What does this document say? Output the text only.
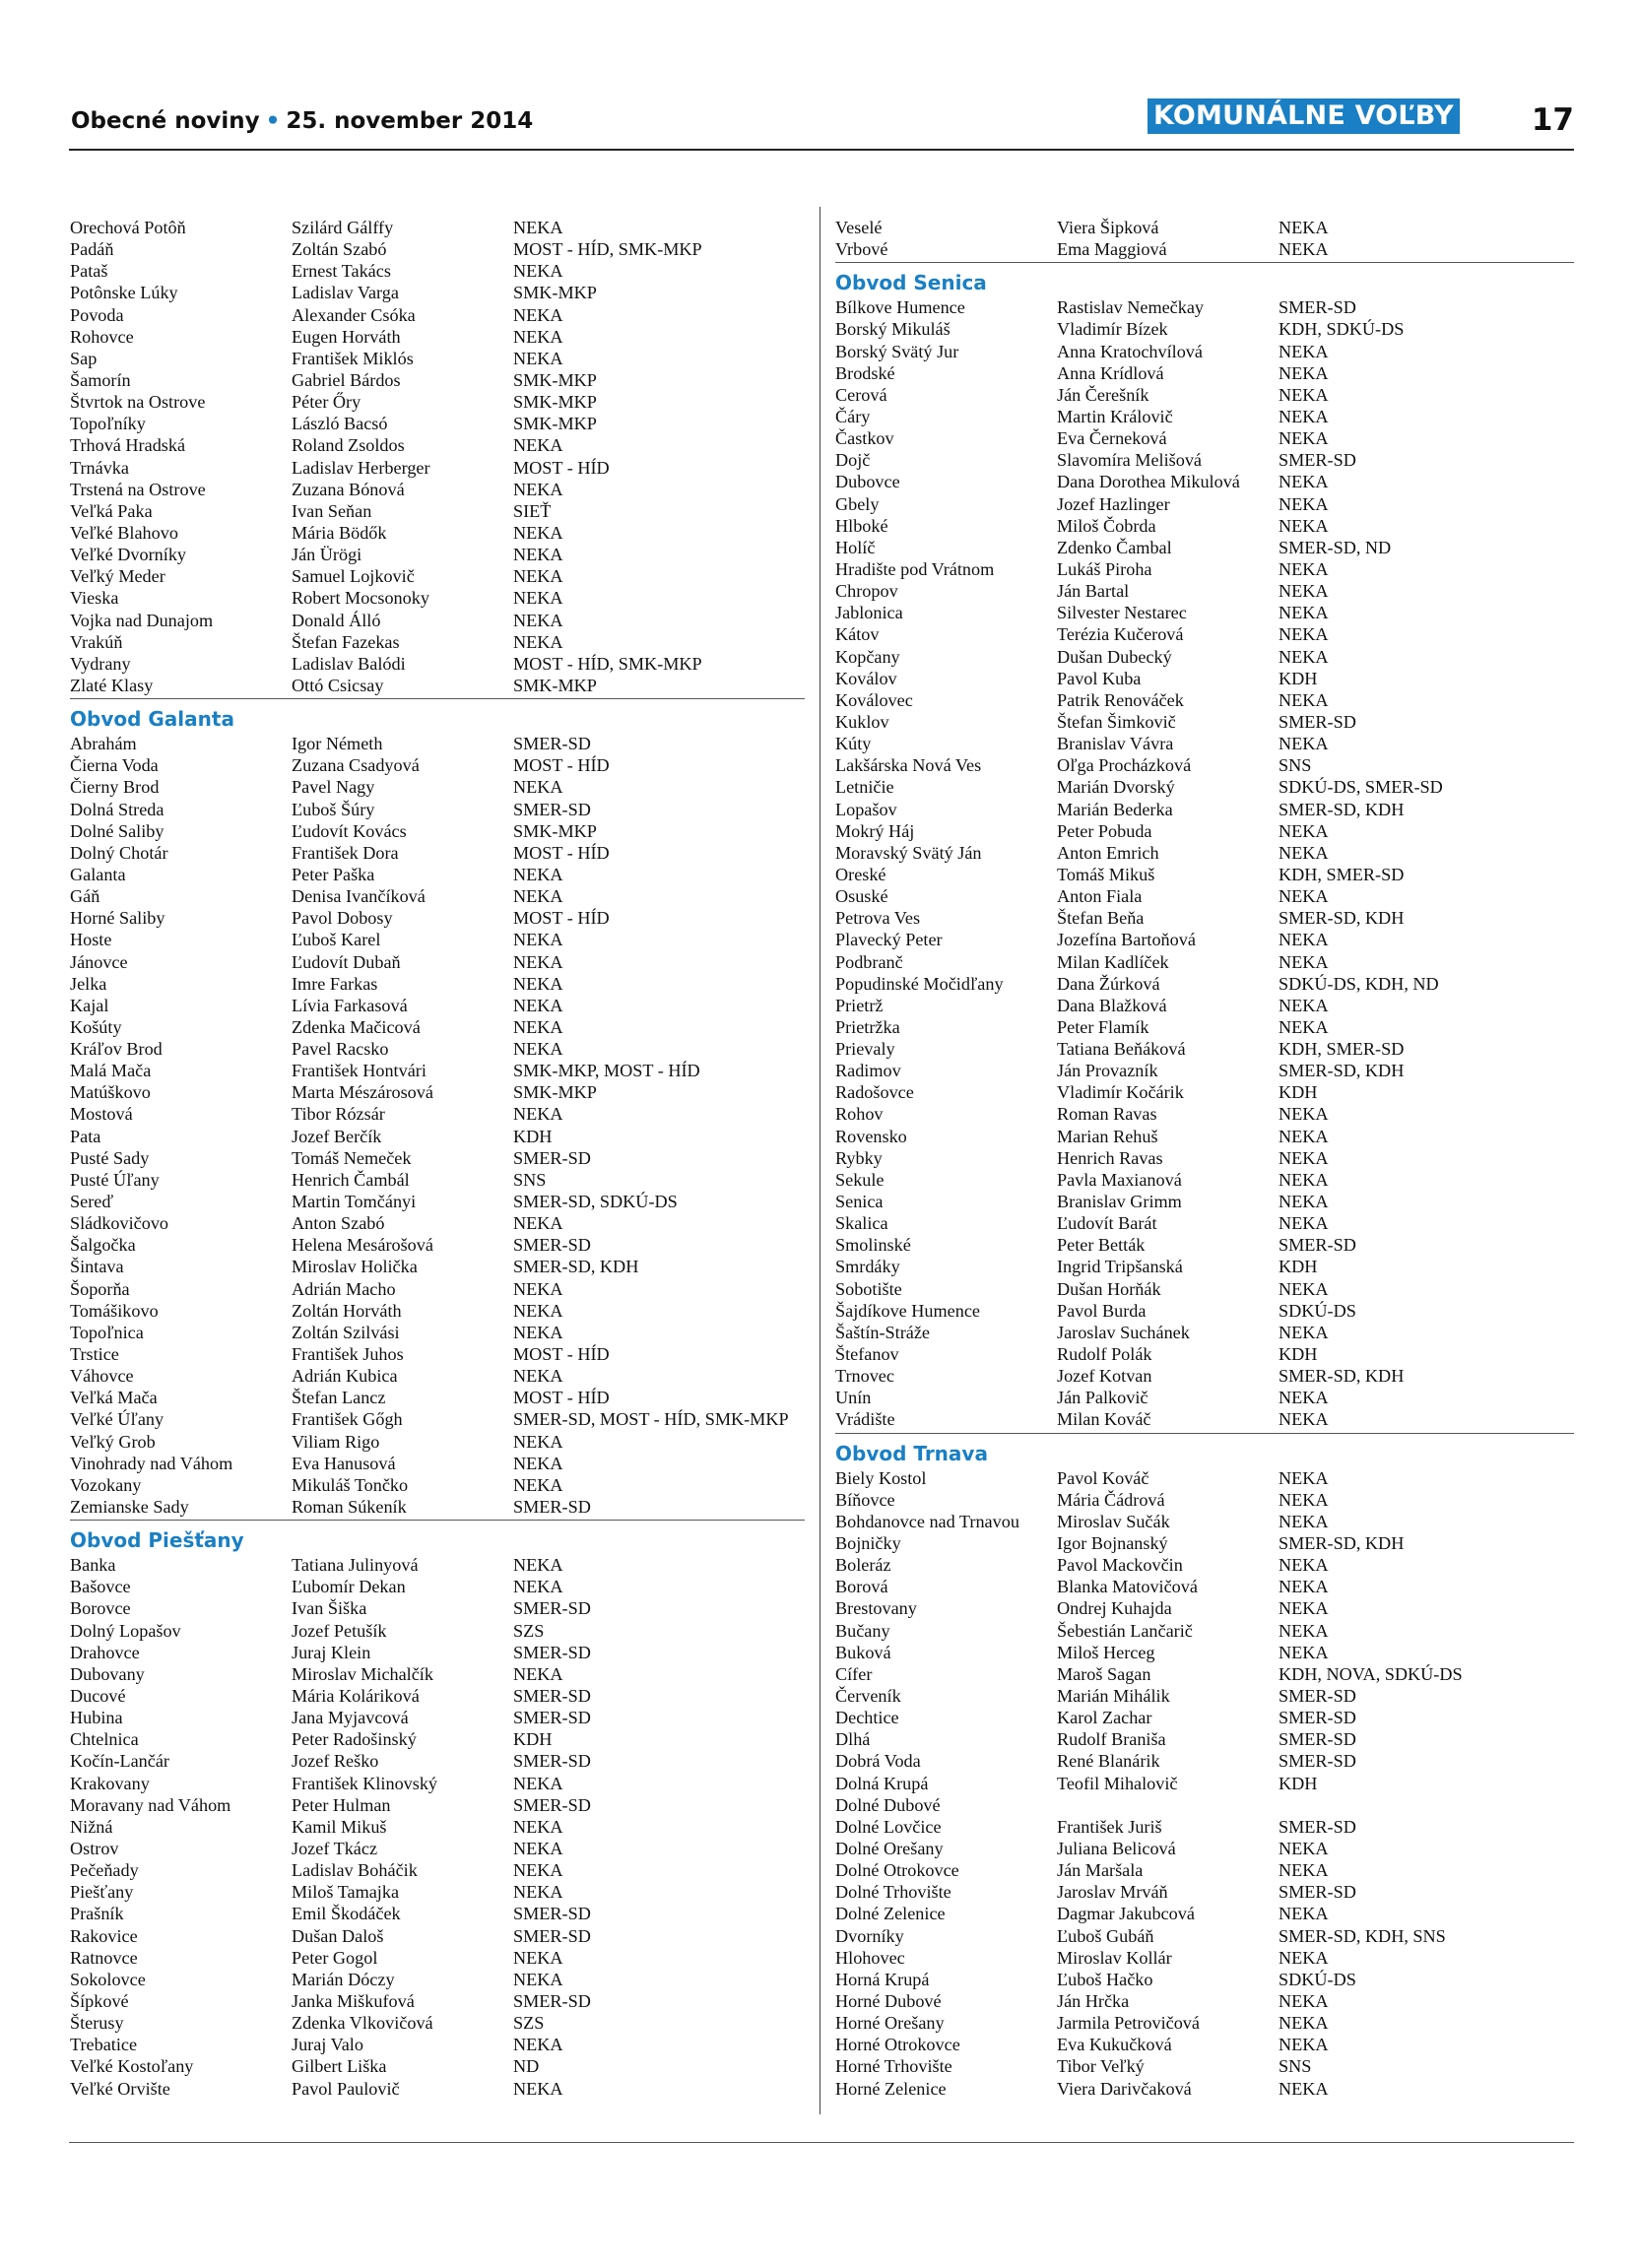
Obecné noviny • 25. november 2014	KOMUNÁLNE VOĽBY	17
Orechová Potôň	Szilárd Gálffy	NEKA
Padáň	Zoltán Szabó	MOST - HÍD, SMK-MKP
Pataš	Ernest Takács	NEKA
Potônske Lúky	Ladislav Varga	SMK-MKP
Povoda	Alexander Csóka	NEKA
Rohovce	Eugen Horváth	NEKA
Sap	František Miklós	NEKA
Šamorín	Gabriel Bárdos	SMK-MKP
Štvrtok na Ostrove	Péter Őry	SMK-MKP
Topoľníky	László Bacsó	SMK-MKP
Trhová Hradská	Roland Zsoldos	NEKA
Trnávka	Ladislav Herberger	MOST - HÍD
Trstená na Ostrove	Zuzana Bónová	NEKA
Veľká Paka	Ivan Seňan	SIEŤ
Veľké Blahovo	Mária Bödők	NEKA
Veľké Dvorníky	Ján Ürögi	NEKA
Veľký Meder	Samuel Lojkovič	NEKA
Vieska	Robert Mocsonoky	NEKA
Vojka nad Dunajom	Donald Álló	NEKA
Vrakúň	Štefan Fazekas	NEKA
Vydrany	Ladislav Balódi	MOST - HÍD, SMK-MKP
Zlaté Klasy	Ottó Csicsay	SMK-MKP
Obvod Galanta
Abrahám	Igor Németh	SMER-SD
Čierna Voda	Zuzana Csadyová	MOST - HÍD
Čierny Brod	Pavel Nagy	NEKA
Dolná Streda	Ľuboš Šúry	SMER-SD
Dolné Saliby	Ľudovít Kovács	SMK-MKP
Dolný Chotár	František Dora	MOST - HÍD
Galanta	Peter Paška	NEKA
Gáň	Denisa Ivančíková	NEKA
Horné Saliby	Pavol Dobosy	MOST - HÍD
Hoste	Ľuboš Karel	NEKA
Jánovce	Ľudovít Dubaň	NEKA
Jelka	Imre Farkas	NEKA
Kajal	Lívia Farkasová	NEKA
Košúty	Zdenka Mačicová	NEKA
Kráľov Brod	Pavel Racsko	NEKA
Malá Mača	František Hontvári	SMK-MKP, MOST - HÍD
Matúškovo	Marta Mészárosová	SMK-MKP
Mostová	Tibor Rózsár	NEKA
Pata	Jozef Berčík	KDH
Pusté Sady	Tomáš Nemeček	SMER-SD
Pusté Úľany	Henrich Čambál	SNS
Sereď	Martin Tomčányi	SMER-SD, SDKÚ-DS
Sládkovičovo	Anton Szabó	NEKA
Šalgočka	Helena Mesárošová	SMER-SD
Šintava	Miroslav Holička	SMER-SD, KDH
Šoporňa	Adrián Macho	NEKA
Tomášikovo	Zoltán Horváth	NEKA
Topoľnica	Zoltán Szilvási	NEKA
Trstice	František Juhos	MOST - HÍD
Váhovce	Adrián Kubica	NEKA
Veľká Mača	Štefan Lancz	MOST - HÍD
Veľké Úľany	František Gőgh	SMER-SD, MOST - HÍD, SMK-MKP
Veľký Grob	Viliam Rigo	NEKA
Vinohrady nad Váhom	Eva Hanusová	NEKA
Vozokany	Mikuláš Tončko	NEKA
Zemianske Sady	Roman Súkeník	SMER-SD
Obvod Piešťany
Banka	Tatiana Julinyová	NEKA
Bašovce	Ľubomír Dekan	NEKA
Borovce	Ivan Šiška	SMER-SD
Dolný Lopašov	Jozef Petušík	SZS
Drahovce	Juraj Klein	SMER-SD
Dubovany	Miroslav Michalčík	NEKA
Ducové	Mária Koláriková	SMER-SD
Hubina	Jana Myjavcová	SMER-SD
Chtelnica	Peter Radošinský	KDH
Kočín-Lančár	Jozef Reško	SMER-SD
Krakovany	František Klinovský	NEKA
Moravany nad Váhom	Peter Hulman	SMER-SD
Nižná	Kamil Mikuš	NEKA
Ostrov	Jozef Tkácz	NEKA
Pečeňady	Ladislav Boháčik	NEKA
Piešťany	Miloš Tamajka	NEKA
Prašník	Emil Škodáček	SMER-SD
Rakovice	Dušan Daloš	SMER-SD
Ratnovce	Peter Gogol	NEKA
Sokolovce	Marián Dóczy	NEKA
Šípkové	Janka Miškufová	SMER-SD
Šterusy	Zdenka Vlkovičová	SZS
Trebatice	Juraj Valo	NEKA
Veľké Kostoľany	Gilbert Liška	ND
Veľké Orvište	Pavol Paulovič	NEKA
Veselé	Viera Šipková	NEKA
Vrbové	Ema Maggiová	NEKA
Obvod Senica
Bílkove Humence	Rastislav Nemečkay	SMER-SD
Borský Mikuláš	Vladimír Bízek	KDH, SDKÚ-DS
Borský Svätý Jur	Anna Kratochvílová	NEKA
Brodské	Anna Krídlová	NEKA
Cerová	Ján Čerešník	NEKA
Čáry	Martin Královič	NEKA
Častkov	Eva Černeková	NEKA
Dojč	Slavomíra Melišová	SMER-SD
Dubovce	Dana Dorothea Mikulová	NEKA
Gbely	Jozef Hazlinger	NEKA
Hlboké	Miloš Čobrda	NEKA
Holíč	Zdenko Čambal	SMER-SD, ND
Hradište pod Vrátnom	Lukáš Piroha	NEKA
Chropov	Ján Bartal	NEKA
Jablonica	Silvester Nestarec	NEKA
Kátov	Terézia Kučerová	NEKA
Kopčany	Dušan Dubecký	NEKA
Koválov	Pavol Kuba	KDH
Koválovec	Patrik Renováček	NEKA
Kuklov	Štefan Šimkovič	SMER-SD
Kúty	Branislav Vávra	NEKA
Lakšárska Nová Ves	Oľga Procházková	SNS
Letničie	Marián Dvorský	SDKÚ-DS, SMER-SD
Lopašov	Marián Bederka	SMER-SD, KDH
Mokrý Háj	Peter Pobuda	NEKA
Moravský Svätý Ján	Anton Emrich	NEKA
Oreské	Tomáš Mikuš	KDH, SMER-SD
Osuské	Anton Fiala	NEKA
Petrova Ves	Štefan Beňa	SMER-SD, KDH
Plavecký Peter	Jozefína Bartoňová	NEKA
Podbranč	Milan Kadlíček	NEKA
Popudinské Močidľany	Dana Žúrková	SDKÚ-DS, KDH, ND
Prietrž	Dana Blažková	NEKA
Prietržka	Peter Flamík	NEKA
Prievaly	Tatiana Beňáková	KDH, SMER-SD
Radimov	Ján Provazník	SMER-SD, KDH
Radošovce	Vladimír Kočárik	KDH
Rohov	Roman Ravas	NEKA
Rovensko	Marian Rehuš	NEKA
Rybky	Henrich Ravas	NEKA
Sekule	Pavla Maxianová	NEKA
Senica	Branislav Grimm	NEKA
Skalica	Ľudovít Barát	NEKA
Smolinské	Peter Betták	SMER-SD
Smrdáky	Ingrid Tripšanská	KDH
Sobotište	Dušan Horňák	NEKA
Šajdíkove Humence	Pavol Burda	SDKÚ-DS
Šaštín-Stráže	Jaroslav Suchánek	NEKA
Štefanov	Rudolf Polák	KDH
Trnovec	Jozef Kotvan	SMER-SD, KDH
Unín	Ján Palkovič	NEKA
Vrádište	Milan Kováč	NEKA
Obvod Trnava
Biely Kostol	Pavol Kováč	NEKA
Bíňovce	Mária Čádrová	NEKA
Bohdanovce nad Trnavou	Miroslav Sučák	NEKA
Bojničky	Igor Bojnanský	SMER-SD, KDH
Boleráz	Pavol Mackovčin	NEKA
Borová	Blanka Matovičová	NEKA
Brestovany	Ondrej Kuhajda	NEKA
Bučany	Šebestián Lančarič	NEKA
Buková	Miloš Herceg	NEKA
Cífer	Maroš Sagan	KDH, NOVA, SDKÚ-DS
Červeník	Marián Mihálik	SMER-SD
Dechtice	Karol Zachar	SMER-SD
Dlhá	Rudolf Braniša	SMER-SD
Dobrá Voda	René Blanárik	SMER-SD
Dolná Krupá	Teofil Mihalovič	KDH
Dolné Dubové
Dolné Lovčice	František Juriš	SMER-SD
Dolné Orešany	Juliana Belicová	NEKA
Dolné Otrokovce	Ján Maršala	NEKA
Dolné Trhovište	Jaroslav Mrváň	SMER-SD
Dolné Zelenice	Dagmar Jakubcová	NEKA
Dvorníky	Ľuboš Gubáň	SMER-SD, KDH, SNS
Hlohovec	Miroslav Kollár	NEKA
Horná Krupá	Ľuboš Hačko	SDKÚ-DS
Horné Dubové	Ján Hrčka	NEKA
Horné Orešany	Jarmila Petrovičová	NEKA
Horné Otrokovce	Eva Kukučková	NEKA
Horné Trhovište	Tibor Veľký	SNS
Horné Zelenice	Viera Darivčaková	NEKA
